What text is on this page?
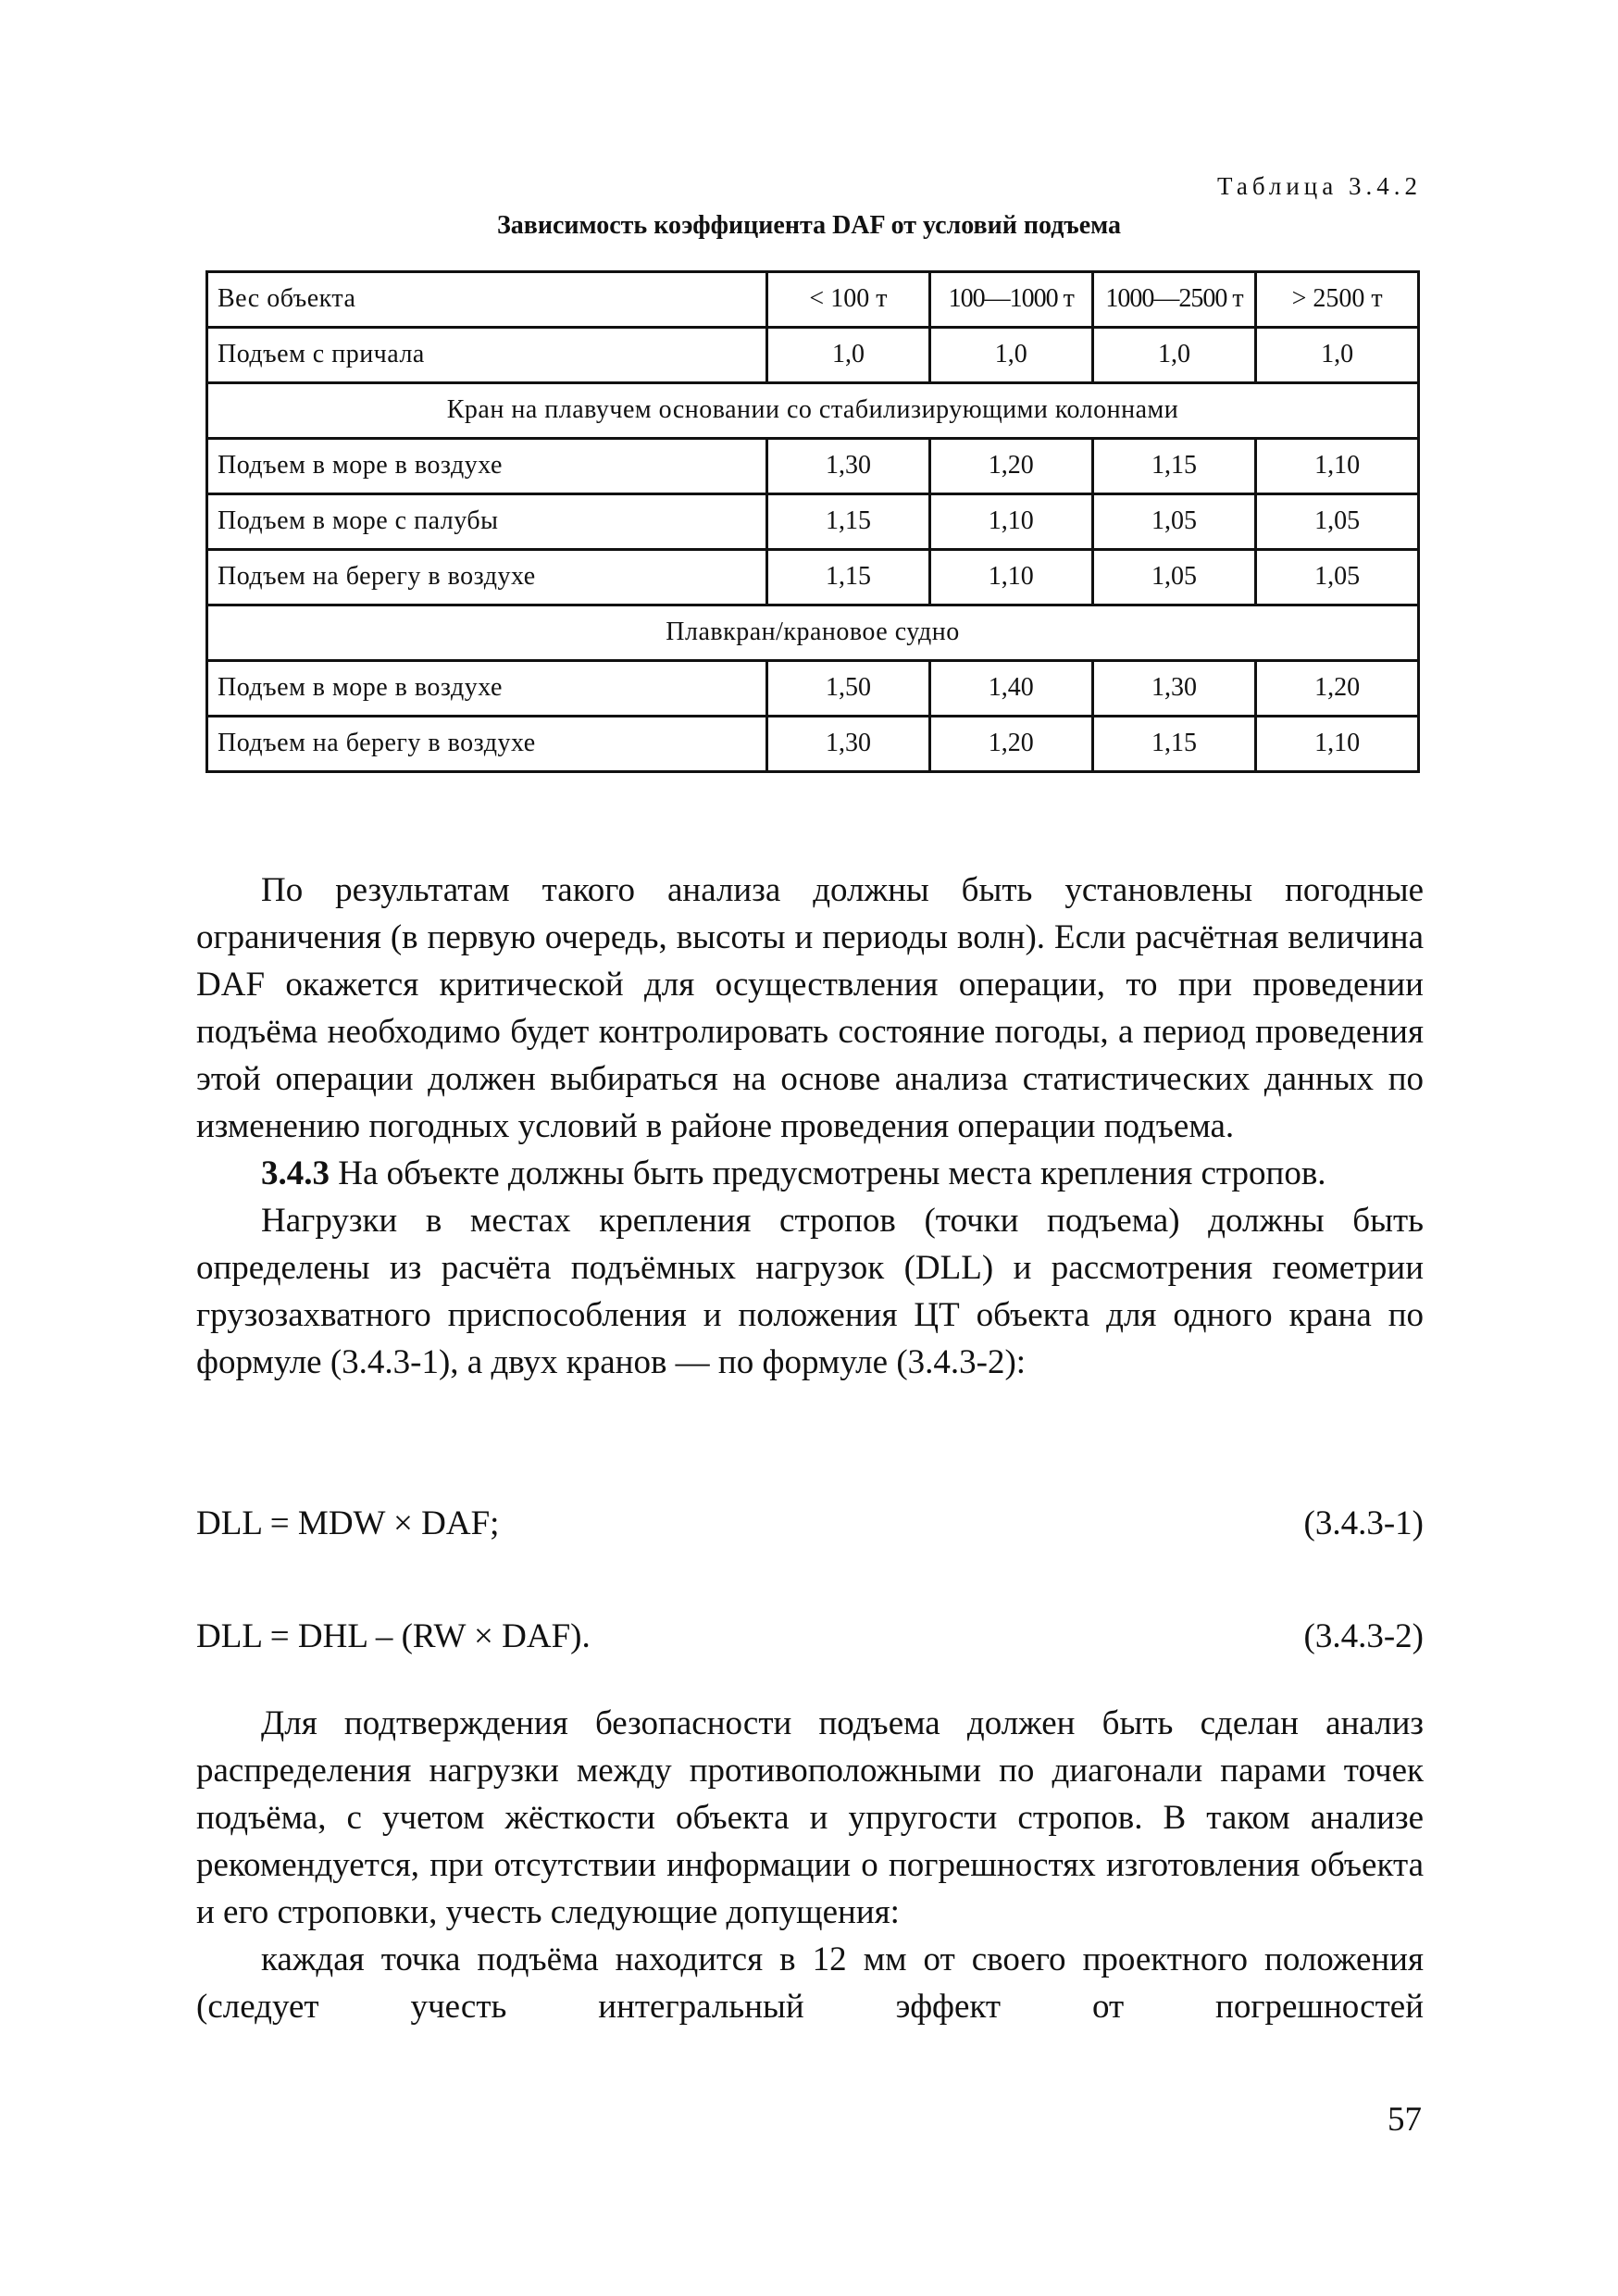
Таблица 3.4.2
Зависимость коэффициента DAF от условий подъема
Вес объекта	< 100 т	100—1000 т	1000—2500 т	> 2500 т
Подъем с причала	1,0	1,0	1,0	1,0
Кран на плавучем основании со стабилизирующими колоннами				
Подъем в море в воздухе	1,30	1,20	1,15	1,10
Подъем в море с палубы	1,15	1,10	1,05	1,05
Подъем на берегу в воздухе	1,15	1,10	1,05	1,05
Плавкран/крановое судно				
Подъем в море в воздухе	1,50	1,40	1,30	1,20
Подъем на берегу в воздухе	1,30	1,20	1,15	1,10

По результатам такого анализа должны быть установлены погодные ограничения (в первую очередь, высоты и периоды волн). Если расчётная величина DAF окажется критической для осуществления операции, то при проведении подъёма необходимо будет контролировать состояние погоды, а период проведения этой операции должен выбираться на основе анализа статистических данных по изменению погодных условий в районе проведения операции подъема.

3.4.3 На объекте должны быть предусмотрены места крепления стропов.

Нагрузки в местах крепления стропов (точки подъема) должны быть определены из расчёта подъёмных нагрузок (DLL) и рассмотрения геометрии грузозахватного приспособления и положения ЦТ объекта для одного крана по формуле (3.4.3-1), а двух кранов — по формуле (3.4.3-2):

DLL = MDW × DAF;	(3.4.3-1)
DLL = DHL – (RW × DAF).	(3.4.3-2)

Для подтверждения безопасности подъема должен быть сделан анализ распределения нагрузки между противоположными по диагонали парами точек подъёма, с учетом жёсткости объекта и упругости стропов. В таком анализе рекомендуется, при отсутствии информации о погрешностях изготовления объекта и его строповки, учесть следующие допущения:

каждая точка подъёма находится в 12 мм от своего проектного положения (следует учесть интегральный эффект от погрешностей

57
